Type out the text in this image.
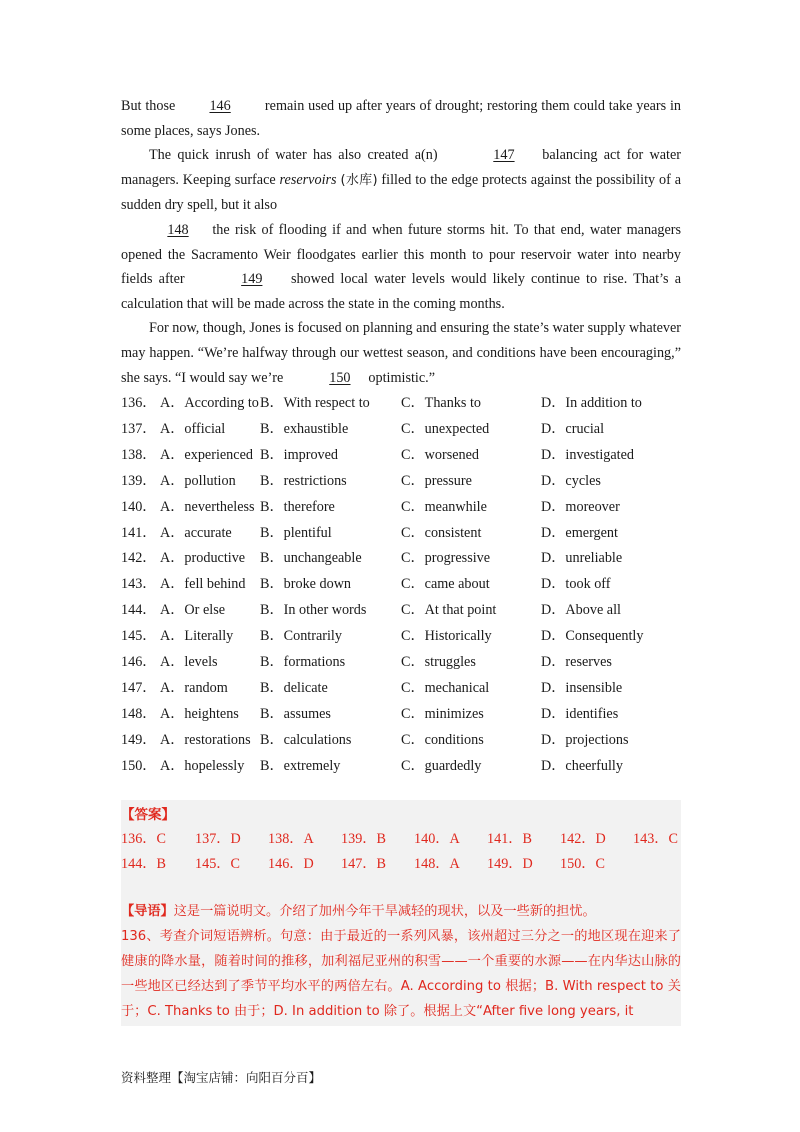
But those 146 remain used up after years of drought; restoring them could take years in some places, says Jones.

The quick inrush of water has also created a(n)	147 balancing act for water managers. Keeping surface reservoirs (水库) filled to the edge protects against the possibility of a sudden dry spell, but it also
148 the risk of flooding if and when future storms hit. To that end, water managers opened the Sacramento Weir floodgates earlier this month to pour reservoir water into nearby fields after	149 showed local water levels would likely continue to rise. That’s a calculation that will be made across the state in the coming months.

For now, though, Jones is focused on planning and ensuring the state’s water supply whatever may happen. “We’re halfway through our wettest season, and conditions have been encouraging,” she says. “I would say we’re	150 optimistic.”

136． A．According to B．With respect to C．Thanks to	D．In addition to
137． A．official B．exhaustible	C．unexpected	D．crucial
138． A．experienced B．improved	C．worsened	D．investigated
139． A．pollution B．restrictions	C．pressure	D．cycles
140． A．nevertheless B．therefore	C．meanwhile	D．moreover
141． A．accurate B．plentiful	C．consistent	D．emergent
142． A．productive B．unchangeable	C．progressive	D．unreliable
143． A．fell behind B．broke down	C．came about	D．took off
144． A．Or else B．In other words C．At that point	D．Above all
145． A．Literally B．Contrarily	C．Historically	D．Consequently
146． A．levels	B．formations	C．struggles	D．reserves
147． A．random B．delicate	C．mechanical	D．insensible
148． A．heightens B．assumes	C．minimizes	D．identifies
149． A．restorations B．calculations	C．conditions	D．projections
150． A．hopelessly B．extremely	C．guardedly	D．cheerfully
【答案】
136．C 137．D 138．A 139．B 140．A 141．B 142．D 143．C
144．B 145．C 146．D 147．B 148．A 149．D 150．C
【导语】这是一篇说明文。介绍了加州今年干旱减轻的现状，以及一些新的担忧。
136、考查介词短语辨析。句意：由于最近的一系列风暴，该州超过三分之一的地区现在迎来了健康的降水量，随着时间的推移，加利福尼亚州的积雪——一个重要的水源——在内华达山脉的一些地区已经达到了季节平均水平的两倍左右。A. According to 根据；B. With respect to 关于；C. Thanks to 由于；D. In addition to 除了。根据上文“After five long years, it
资料整理【淘宝店铺：向阳百分百】
